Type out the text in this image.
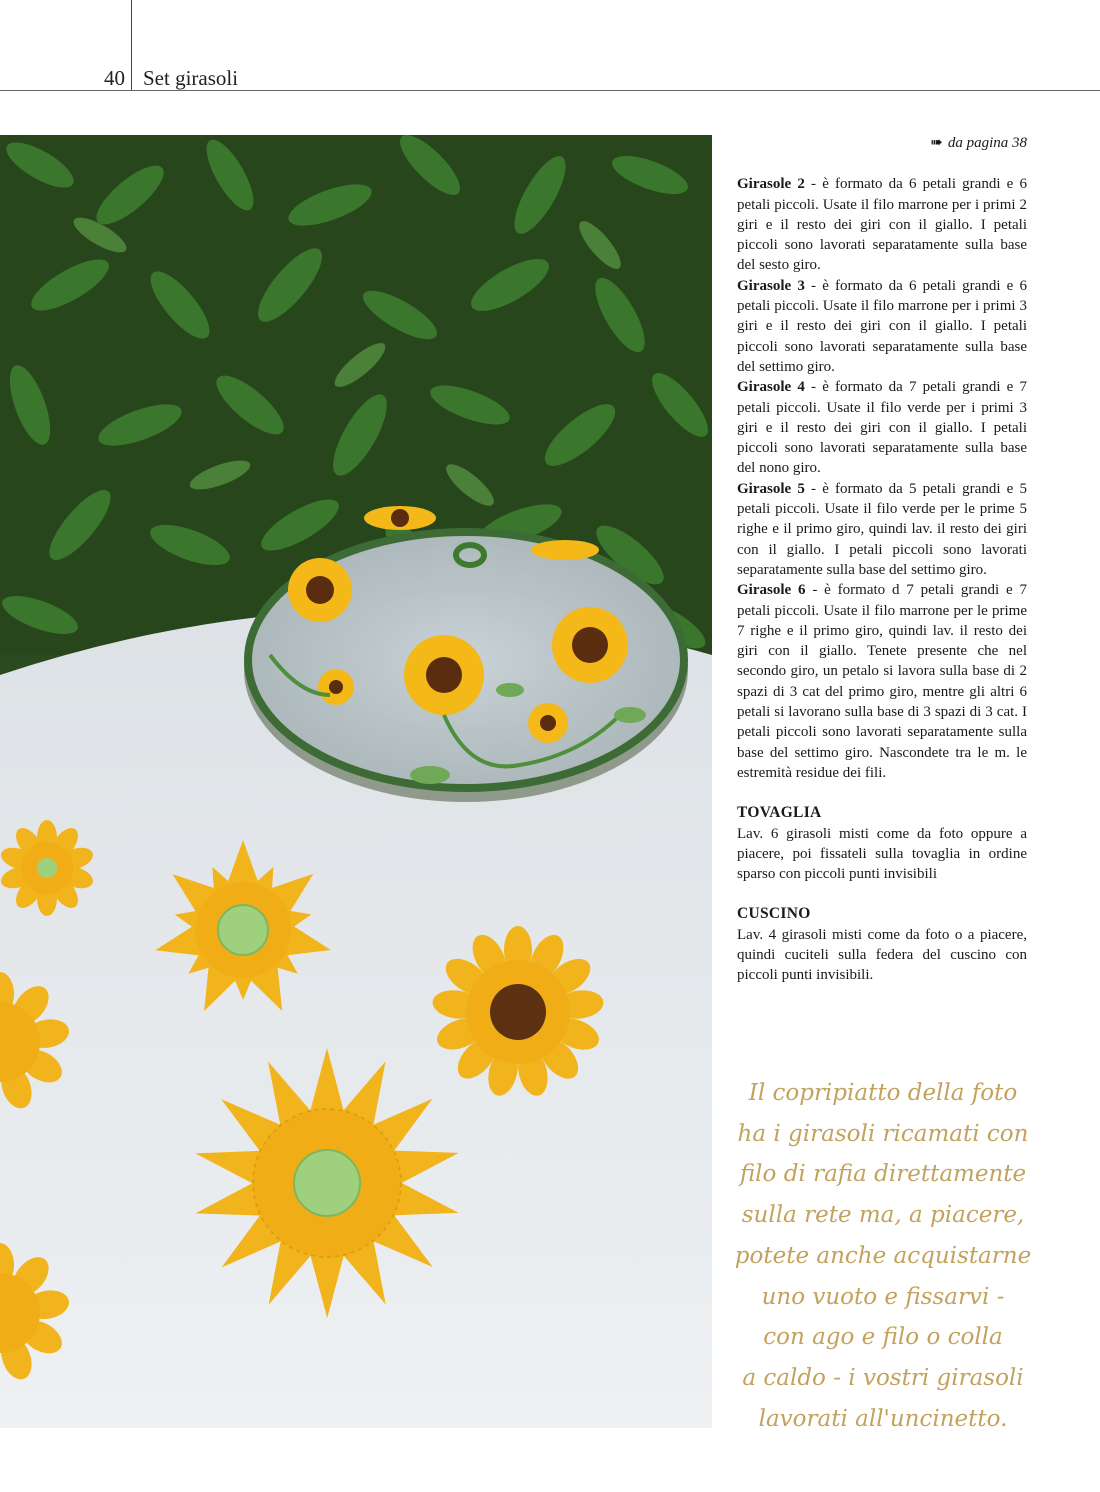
40 Set girasoli
➠ da pagina 38

Girasole 2 - è formato da 6 petali grandi e 6 petali piccoli. Usate il filo marrone per i primi 2 giri e il resto dei giri con il giallo. I petali piccoli sono lavorati separatamente sulla base del sesto giro.

Girasole 3 - è formato da 6 petali grandi e 6 petali piccoli. Usate il filo marrone per i primi 3 giri e il resto dei giri con il giallo. I petali piccoli sono lavorati separatamente sulla base del settimo giro.

Girasole 4 - è formato da 7 petali grandi e 7 petali piccoli. Usate il filo verde per i primi 3 giri e il resto dei giri con il giallo. I petali piccoli sono lavorati separatamente sulla base del nono giro.

Girasole 5 - è formato da 5 petali grandi e 5 petali piccoli. Usate il filo verde per le prime 5 righe e il primo giro, quindi lav. il resto dei giri con il giallo. I petali piccoli sono lavorati separatamente sulla base del settimo giro.

Girasole 6 - è formato d 7 petali grandi e 7 petali piccoli. Usate il filo marrone per le prime 7 righe e il primo giro, quindi lav. il resto dei giri con il giallo. Tenete presente che nel secondo giro, un petalo si lavora sulla base di 2 spazi di 3 cat del primo giro, mentre gli altri 6 petali si lavorano sulla base di 3 spazi di 3 cat. I petali piccoli sono lavorati separatamente sulla base del settimo giro. Nascondete tra le m. le estremità residue dei fili.

TOVAGLIA

Lav. 6 girasoli misti come da foto oppure a piacere, poi fissateli sulla tovaglia in ordine sparso con piccoli punti invisibili

CUSCINO

Lav. 4 girasoli misti come da foto o a piacere, quindi cuciteli sulla federa del cuscino con piccoli punti invisibili.

Il copripiatto della foto
ha i girasoli ricamati con
filo di rafia direttamente
sulla rete ma, a piacere,
potete anche acquistarne
uno vuoto e fissarvi -
con ago e filo o colla
a caldo - i vostri girasoli
lavorati all'uncinetto.
